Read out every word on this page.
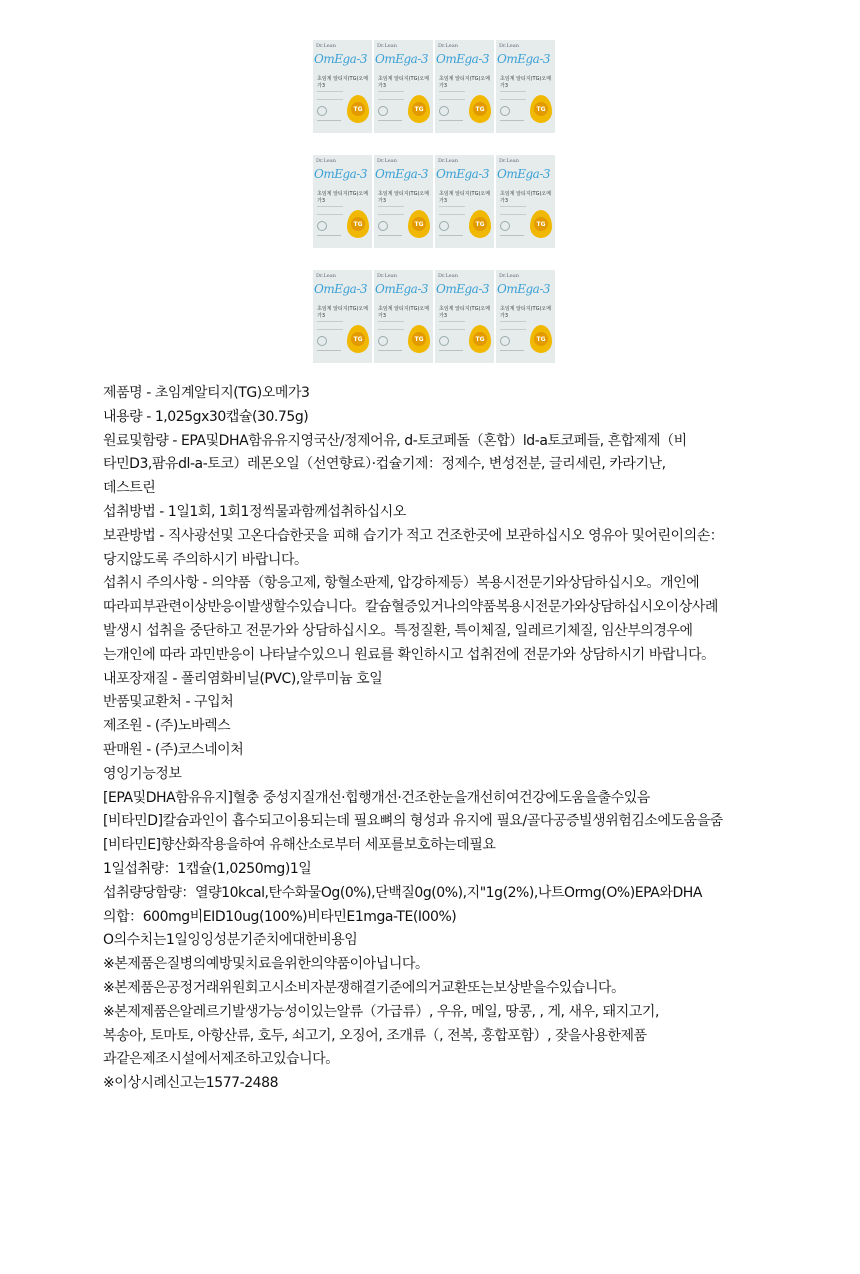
Dr.Lean
OmEga-3
초임계 알티지(TG)오메가3
TG
Dr.Lean
OmEga-3
초임계 알티지(TG)오메가3
TG
Dr.Lean
OmEga-3
초임계 알티지(TG)오메가3
TG
Dr.Lean
OmEga-3
초임계 알티지(TG)오메가3
TG
Dr.Lean
OmEga-3
초임계 알티지(TG)오메가3
TG
Dr.Lean
OmEga-3
초임계 알티지(TG)오메가3
TG
Dr.Lean
OmEga-3
초임계 알티지(TG)오메가3
TG
Dr.Lean
OmEga-3
초임계 알티지(TG)오메가3
TG
Dr.Lean
OmEga-3
초임계 알티지(TG)오메가3
TG
Dr.Lean
OmEga-3
초임계 알티지(TG)오메가3
TG
Dr.Lean
OmEga-3
초임계 알티지(TG)오메가3
TG
Dr.Lean
OmEga-3
초임계 알티지(TG)오메가3
TG

제품명 - 초임계알티지(TG)오메가3

내용량 - 1,025gx30캡슐(30.75g)

원료및함량 - EPA및DHA함유유지영국산/정제어유, d-토코페돌（혼합）ld-a토코페들, 흔합제제（비

타민D3,팜유dl-a-토코）레몬오일（선연향료）·컵슐기제：정제수, 변성전분, 글리세린, 카라기난,

데스트린

섭취방법 - 1일1회, 1회1정씩물과함께섭취하십시오

보관방법 - 직사광선및 고온다습한곳을 피해 습기가 적고 건조한곳에 보관하십시오 영유아 및어린이의손：

당지않도록 주의하시기 바랍니다。

섭취시 주의사항 - 의약품（항응고제, 항혈소판제, 압강하제등）복용시전문기와상담하십시오。개인에

따라피부관련이상반응이발생할수있습니다。칼슘혈증있거나의약품복용시전문가와상담하십시오이상사례

발생시 섭취을 중단하고 전문가와 상담하십시오。특정질환, 특이체질, 일레르기체질, 임산부의경우에

는개인에 따라 과민반응이 나타날수있으니 원료를 확인하시고 섭취전에 전문가와 상담하시기 바랍니다。

내포장재질 - 폴리염화비닐(PVC),알루미늄 호일

반품및교환처 - 구입처

제조원 - (주)노바렉스

판매원 - (주)코스네이처

영잉기능정보

[EPA및DHA함유유지]혈충 중성지질개선·힙행개선·건조한눈을개선히여건강에도움을출수있음

[비타민D]칼슘과인이 흡수되고이용되는데 필요뼈의 형성과 유지에 필요/골다공증빌생위험김소에도움을줌

[비타민E]향산화작용을하여 유해산소로부터 세포를보호하는데필요

1일섭취량：1캡슐(1,0250mg)1일

섭취량당함량：열량10kcal,탄수화물Og(0%),단백질0g(0%),지"1g(2%),나트Ormg(O%)EPA와DHA

의합：600mg비EID10ug(100%)비타민E1mga-TE(I00%)

O의수치는1일잉잉성분기준치에대한비용임

※본제품은질병의예방및치료을위한의약품이아닙니다。

※본제품은공정거래위원회고시소비자분쟁해결기준에의거교환또는보상받을수있습니다。

※본제제품은알레르기발생가능성이있는알류（가급류）, 우유, 메일, 땅콩, , 게, 새우, 돼지고기,

복송아, 토마토, 아항산류, 호두, 쇠고기, 오징어, 조개류（, 전복, 홍합포함）, 잦을사용한제품

과같은제조시설에서제조하고있습니다。

※이상시례신고는1577-2488
